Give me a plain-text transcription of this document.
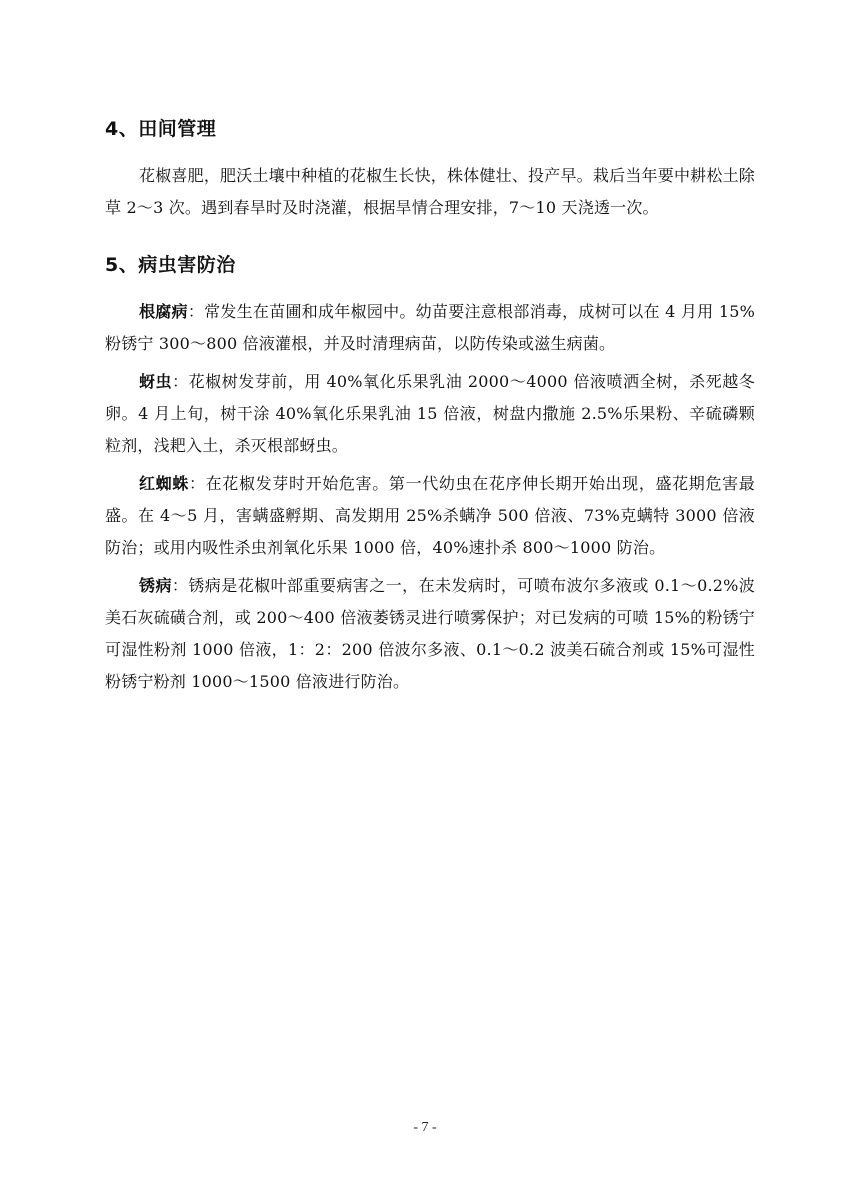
4、田间管理

花椒喜肥，肥沃土壤中种植的花椒生长快，株体健壮、投产早。栽后当年要中耕松土除草 2～3 次。遇到春旱时及时浇灌，根据旱情合理安排，7～10 天浇透一次。

5、病虫害防治

根腐病：常发生在苗圃和成年椒园中。幼苗要注意根部消毒，成树可以在 4 月用 15%粉锈宁 300～800 倍液灌根，并及时清理病苗，以防传染或滋生病菌。

蚜虫：花椒树发芽前，用 40%氧化乐果乳油 2000～4000 倍液喷洒全树，杀死越冬卵。4 月上旬，树干涂 40%氧化乐果乳油 15 倍液，树盘内撒施 2.5%乐果粉、辛硫磷颗粒剂，浅耙入土，杀灭根部蚜虫。

红蜘蛛：在花椒发芽时开始危害。第一代幼虫在花序伸长期开始出现，盛花期危害最盛。在 4～5 月，害螨盛孵期、高发期用 25%杀螨净 500 倍液、73%克螨特 3000 倍液防治；或用内吸性杀虫剂氧化乐果 1000 倍，40%速扑杀 800～1000 防治。

锈病：锈病是花椒叶部重要病害之一，在未发病时，可喷布波尔多液或 0.1～0.2%波美石灰硫磺合剂，或 200～400 倍液萎锈灵进行喷雾保护；对已发病的可喷 15%的粉锈宁可湿性粉剂 1000 倍液，1：2：200 倍波尔多液、0.1～0.2 波美石硫合剂或 15%可湿性粉锈宁粉剂 1000～1500 倍液进行防治。

- 7 -
